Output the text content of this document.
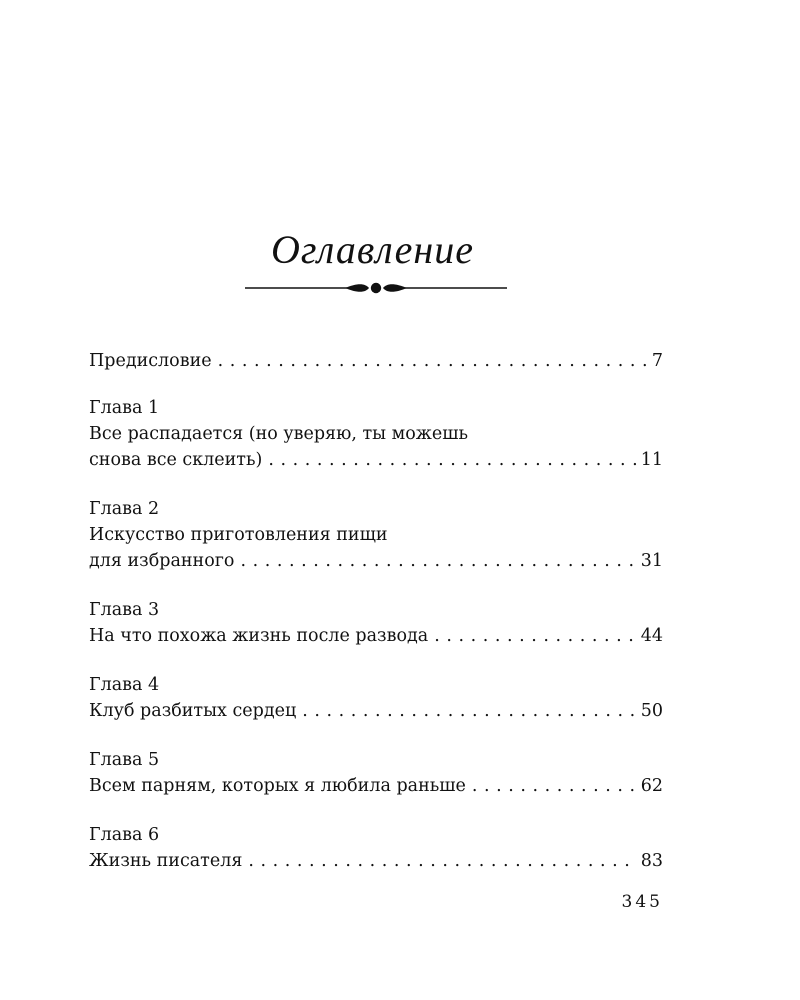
Оглавление
Предисловие . . .	7
Глава 1
Все распадается (но уверяю, ты можешь
снова все склеить) . . .	11
Глава 2
Искусство приготовления пищи
для избранного . . .	31
Глава 3
На что похожа жизнь после развода . . .	44
Глава 4
Клуб разбитых сердец . . .	50
Глава 5
Всем парням, которых я любила раньше . . .	62
Глава 6
Жизнь писателя . . .	83
345
